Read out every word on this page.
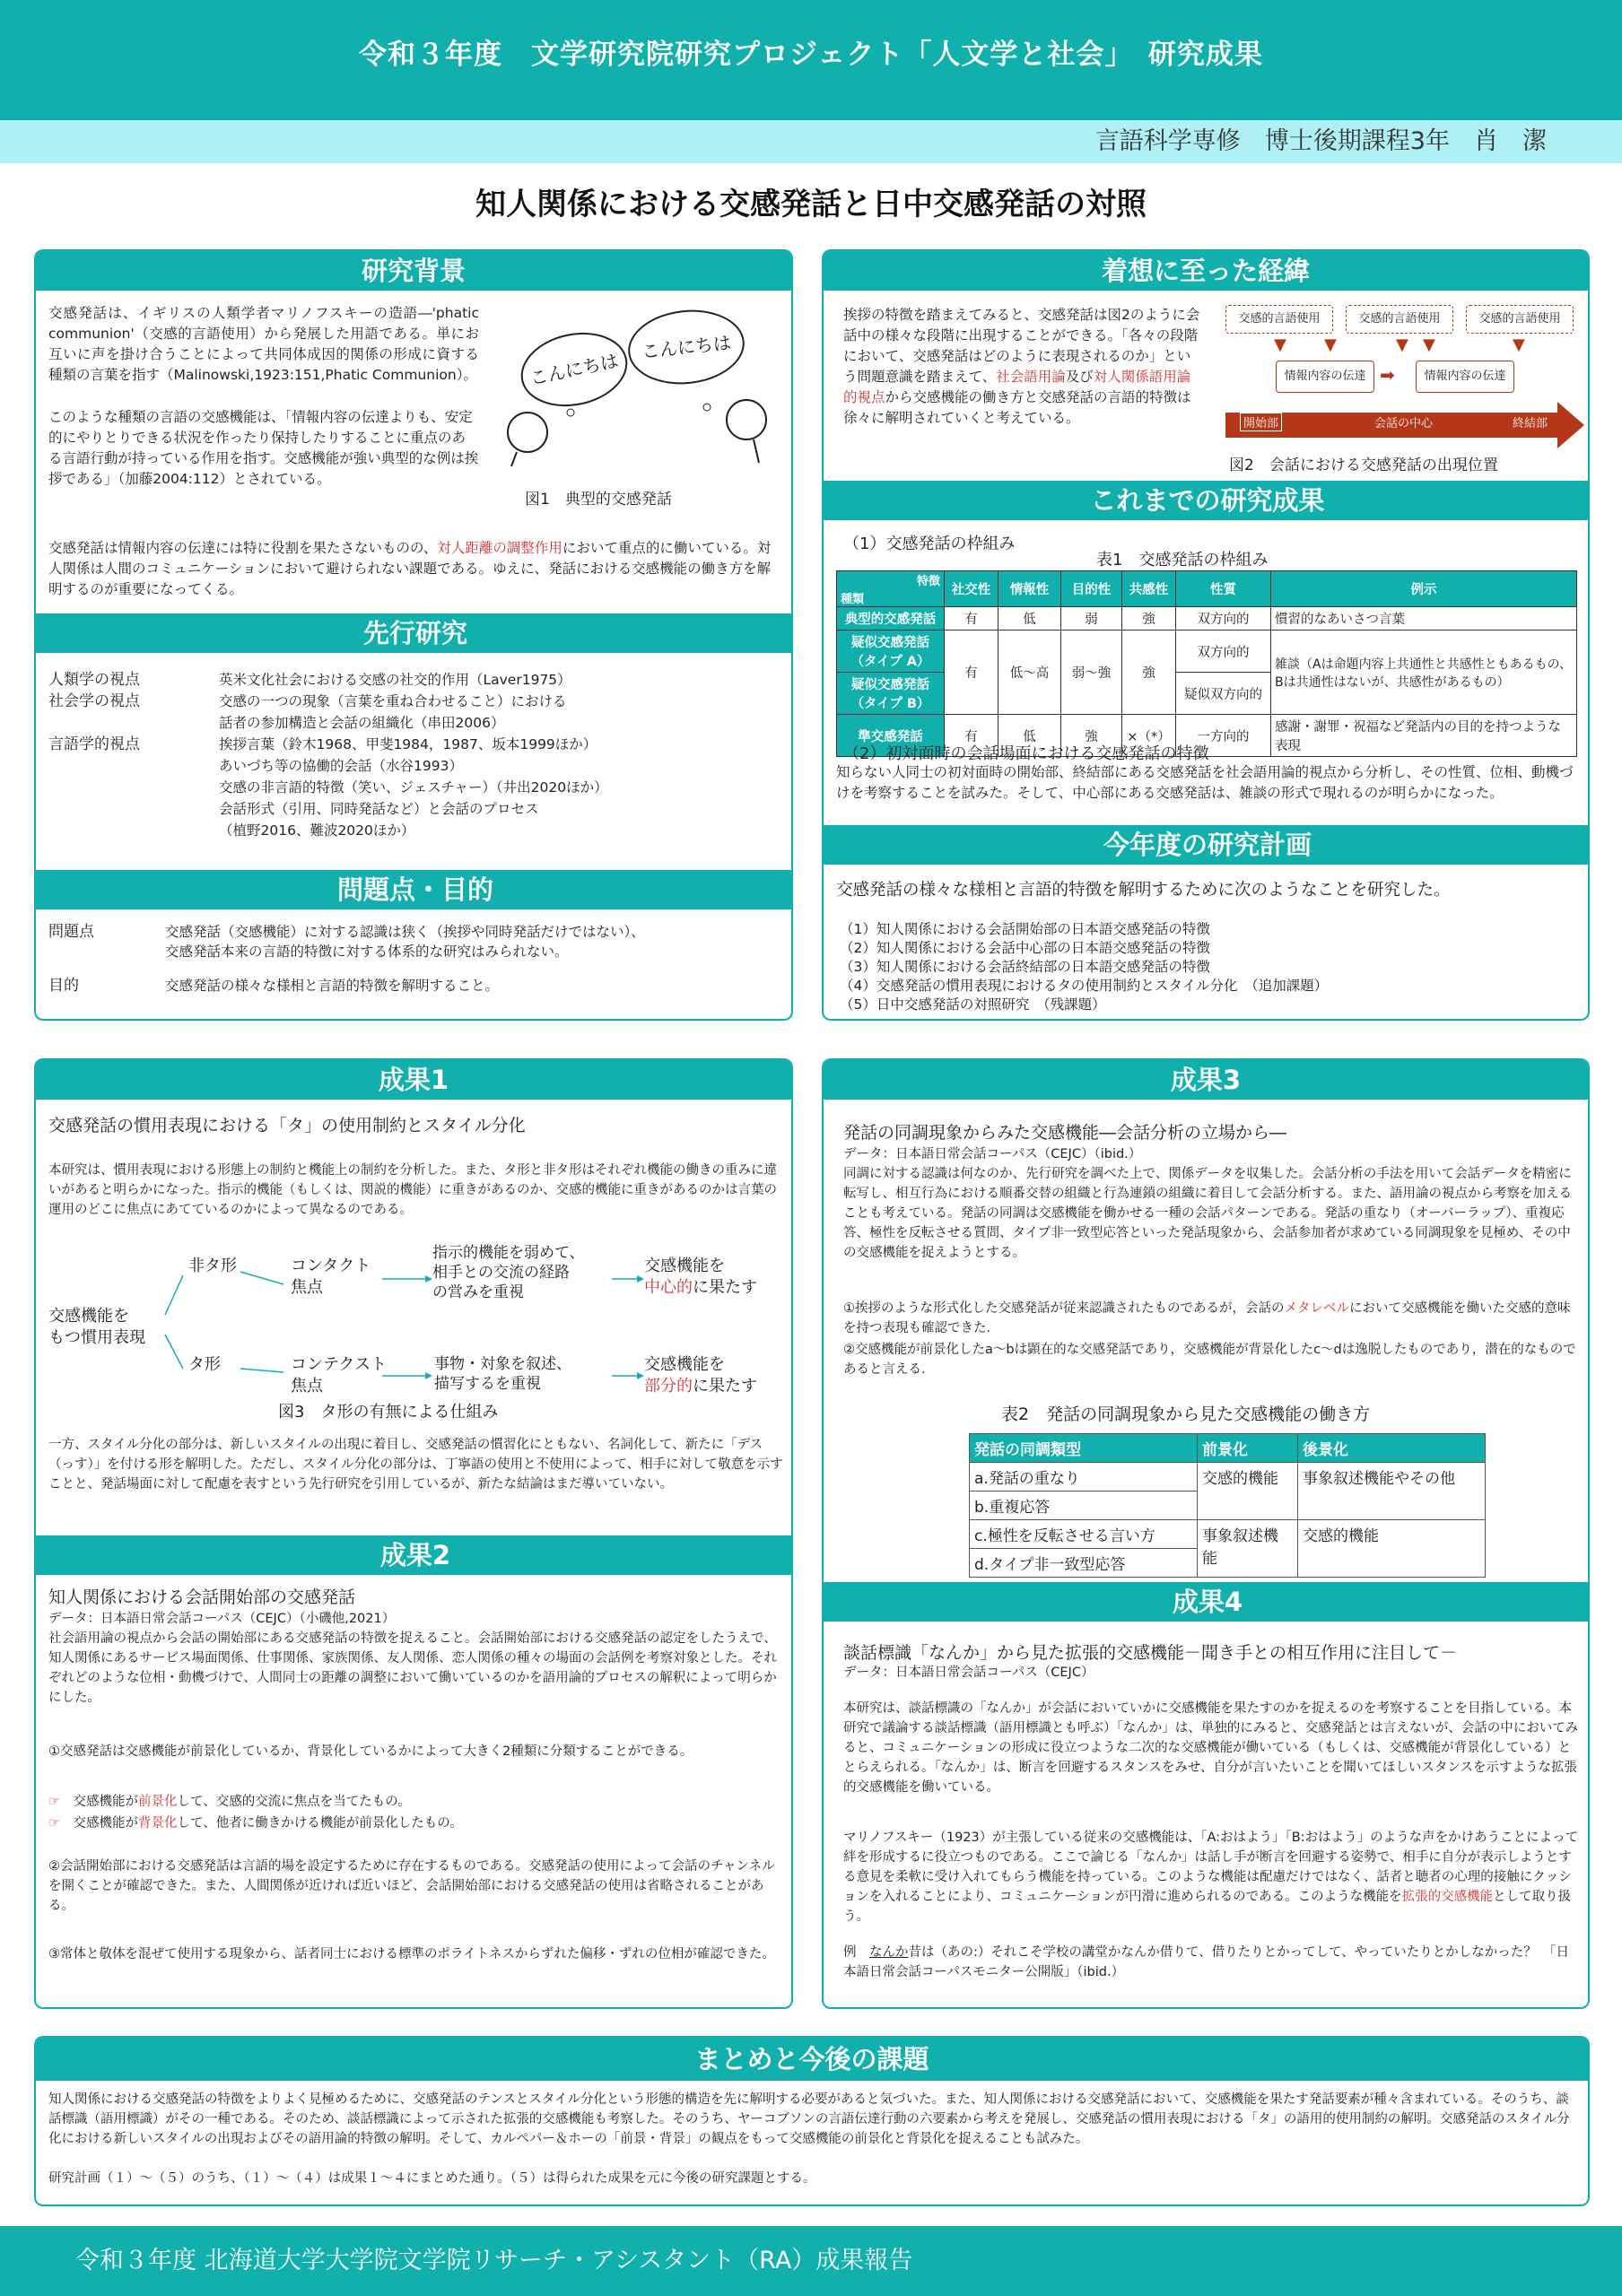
令和３年度　文学研究院研究プロジェクト「人文学と社会」　研究成果
言語科学専修　博士後期課程3年　肖　潔
知人関係における交感発話と日中交感発話の対照
研究背景
交感発話は、イギリスの人類学者マリノフスキーの造語―'phatic communion'（交感的言語使用）から発展した用語である。単にお互いに声を掛け合うことによって共同体成因的関係の形成に資する種類の言葉を指す（Malinowski,1923:151,Phatic Communion）。
このような種類の言語の交感機能は、「情報内容の伝達よりも、安定的にやりとりできる状況を作ったり保持したりすることに重点のある言語行動が持っている作用を指す。交感機能が強い典型的な例は挨拶である」（加藤2004:112）とされている。
こんにちは
こんにちは
図1　典型的交感発話
交感発話は情報内容の伝達には特に役割を果たさないものの、対人距離の調整作用において重点的に働いている。対人関係は人間のコミュニケーションにおいて避けられない課題である。ゆえに、発話における交感機能の働き方を解明するのが重要になってくる。
先行研究
人類学の視点	英米文化社会における交感の社交的作用（Laver1975）
社会学の視点	交感の一つの現象（言葉を重ね合わせること）における
話者の参加構造と会話の組織化（串田2006）
言語学的視点	挨拶言葉（鈴木1968、甲斐1984，1987、坂本1999ほか）
あいづち等の協働的会話（水谷1993）
交感の非言語的特徴（笑い、ジェスチャー）（井出2020ほか）
会話形式（引用、同時発話など）と会話のプロセス
（植野2016、難波2020ほか）
問題点・目的
問題点	交感発話（交感機能）に対する認識は狭く（挨拶や同時発話だけではない）、
交感発話本来の言語的特徴に対する体系的な研究はみられない。
目的	交感発話の様々な様相と言語的特徴を解明すること。
着想に至った経緯
挨拶の特徴を踏まえてみると、交感発話は図2のように会話中の様々な段階に出現することができる。「各々の段階において、交感発話はどのように表現されるのか」という問題意識を踏まえて、社会語用論及び対人関係語用論的視点から交感機能の働き方と交感発話の言語的特徴は徐々に解明されていくと考えている。
交感的言語使用	交感的言語使用	交感的言語使用
▼ ▼	▼ ▼	▼
情報内容の伝達 ➡	情報内容の伝達
開始部	会話の中心	終結部
図2　会話における交感発話の出現位置
これまでの研究成果
（1）交感発話の枠組み
表1　交感発話の枠組み
特徴
種類	社交性	情報性	目的性	共感性	性質	例示
典型的交感発話	有	低	弱	強	双方向的	慣習的なあいさつ言葉
疑似交感発話（タイプ A）	有	低〜高	弱〜強	強	双方向的	雑談（Aは命題内容上共通性と共感性ともあるもの、Bは共通性はないが、共感性があるもの）
疑似交感発話（タイプ B）					疑似双方向的	
準交感発話	有	低	強	×（*）	一方向的	感謝・謝罪・祝福など発話内の目的を持つような表現
（2）初対面時の会話場面における交感発話の特徴
知らない人同士の初対面時の開始部、終結部にある交感発話を社会語用論的視点から分析し、その性質、位相、動機づけを考察することを試みた。そして、中心部にある交感発話は、雑談の形式で現れるのが明らかになった。
今年度の研究計画
交感発話の様々な様相と言語的特徴を解明するために次のようなことを研究した。
（1）知人関係における会話開始部の日本語交感発話の特徴
（2）知人関係における会話中心部の日本語交感発話の特徴
（3）知人関係における会話終結部の日本語交感発話の特徴
（4）交感発話の慣用表現におけるタの使用制約とスタイル分化　（追加課題）
（5）日中交感発話の対照研究　（残課題）
成果1
交感発話の慣用表現における「タ」の使用制約とスタイル分化
本研究は、慣用表現における形態上の制約と機能上の制約を分析した。また、タ形と非タ形はそれぞれ機能の働きの重みに違いがあると明らかになった。指示的機能（もしくは、関説的機能）に重きがあるのか、交感的機能に重きがあるのかは言葉の運用のどこに焦点にあてているのかによって異なるのである。
交感機能を
もつ慣用表現
非タ形
タ形
コンタクト
焦点
コンテクスト
焦点
指示的機能を弱めて、
相手との交流の経路
の営みを重視
事物・対象を叙述、
描写するを重視
交感機能を
中心的に果たす
交感機能を
部分的に果たす
図3　タ形の有無による仕組み
一方、スタイル分化の部分は、新しいスタイルの出現に着目し、交感発話の慣習化にともない、名詞化して、新たに「デス（っす）」を付ける形を解明した。ただし、スタイル分化の部分は、丁寧語の使用と不使用によって、相手に対して敬意を示すことと、発話場面に対して配慮を表すという先行研究を引用しているが、新たな結論はまだ導いていない。
成果2
知人関係における会話開始部の交感発話
データ：日本語日常会話コーパス（CEJC）（小磯他,2021）
社会語用論の視点から会話の開始部にある交感発話の特徴を捉えること。会話開始部における交感発話の認定をしたうえで、知人関係にあるサービス場面関係、仕事関係、家族関係、友人関係、恋人関係の種々の場面の会話例を考察対象とした。それぞれどのような位相・動機づけで、人間同士の距離の調整において働いているのかを語用論的プロセスの解釈によって明らかにした。
①交感発話は交感機能が前景化しているか、背景化しているかによって大きく2種類に分類することができる。
☞　 交感機能が前景化して、交感的交流に焦点を当てたもの。
☞　 交感機能が背景化して、他者に働きかける機能が前景化したもの。
②会話開始部における交感発話は言語的場を設定するために存在するものである。交感発話の使用によって会話のチャンネルを開くことが確認できた。また、人間関係が近ければ近いほど、会話開始部における交感発話の使用は省略されることがある。
③常体と敬体を混ぜて使用する現象から、話者同士における標準のポライトネスからずれた偏移・ずれの位相が確認できた。
成果3
発話の同調現象からみた交感機能―会話分析の立場から―
データ：日本語日常会話コーパス（CEJC）（ibid.）
同調に対する認識は何なのか、先行研究を調べた上で、関係データを収集した。会話分析の手法を用いて会話データを精密に転写し、相互行為における順番交替の組織と行為連鎖の組織に着目して会話分析する。また、語用論の視点から考察を加えることも考えている。発話の同調は交感機能を働かせる一種の会話パターンである。発話の重なり（オーバーラップ）、重複応答、極性を反転させる質問、タイプ非一致型応答といった発話現象から、会話参加者が求めている同調現象を見極め、その中の交感機能を捉えようとする。
①挨拶のような形式化した交感発話が従来認識されたものであるが，会話のメタレベルにおいて交感機能を働いた交感的意味を持つ表現も確認できた．
②交感機能が前景化したa〜bは顕在的な交感発話であり，交感機能が背景化したc〜dは逸脱したものであり，潜在的なものであると言える．
表2　発話の同調現象から見た交感機能の働き方
発話の同調類型	前景化	後景化
a.発話の重なり	交感的機能	事象叙述機能やその他
b.重複応答		
c.極性を反転させる言い方	事象叙述機能	交感的機能
d.タイプ非一致型応答		
成果4
談話標識「なんか」から見た拡張的交感機能－聞き手との相互作用に注目して－
データ：日本語日常会話コーパス（CEJC）
本研究は、談話標識の「なんか」が会話においていかに交感機能を果たすのかを捉えるのを考察することを目指している。本研究で議論する談話標識（語用標識とも呼ぶ）「なんか」は、単独的にみると、交感発話とは言えないが、会話の中においてみると、コミュニケーションの形成に役立つような二次的な交感機能が働いている（もしくは、交感機能が背景化している）ととらえられる。「なんか」は、断言を回避するスタンスをみせ、自分が言いたいことを聞いてほしいスタンスを示すような拡張的交感機能を働いている。
マリノフスキー（1923）が主張している従来の交感機能は、「A:おはよう」「B:おはよう」のような声をかけあうことによって絆を形成するに役立つものである。ここで論じる「なんか」は話し手が断言を回避する姿勢で、相手に自分が表示しようとする意見を柔軟に受け入れてもらう機能を持っている。このような機能は配慮だけではなく、話者と聴者の心理的接触にクッションを入れることにより、コミュニケーションが円滑に進められるのである。このような機能を拡張的交感機能として取り扱う。
例　 なんか昔は（あの:）それこそ学校の講堂かなんか借りて、借りたりとかってして、やっていたりとかしなかった？　「日本語日常会話コーパスモニター公開版」（ibid.）
まとめと今後の課題
知人関係における交感発話の特徴をよりよく見極めるために、交感発話のテンスとスタイル分化という形態的構造を先に解明する必要があると気づいた。また、知人関係における交感発話において、交感機能を果たす発話要素が種々含まれている。そのうち、談話標識（語用標識）がその一種である。そのため、談話標識によって示された拡張的交感機能も考察した。そのうち、ヤーコブソンの言語伝達行動の六要素から考えを発展し、交感発話の慣用表現における「タ」の語用的使用制約の解明。交感発話のスタイル分化における新しいスタイルの出現およびその語用論的特徴の解明。そして、カルペパー＆ホーの「前景・背景」の観点をもって交感機能の前景化と背景化を捉えることも試みた。
研究計画（１）〜（５）のうち、（１）〜（４）は成果１〜４にまとめた通り。（５）は得られた成果を元に今後の研究課題とする。
令和３年度 北海道大学大学院文学院リサーチ・アシスタント（RA）成果報告
